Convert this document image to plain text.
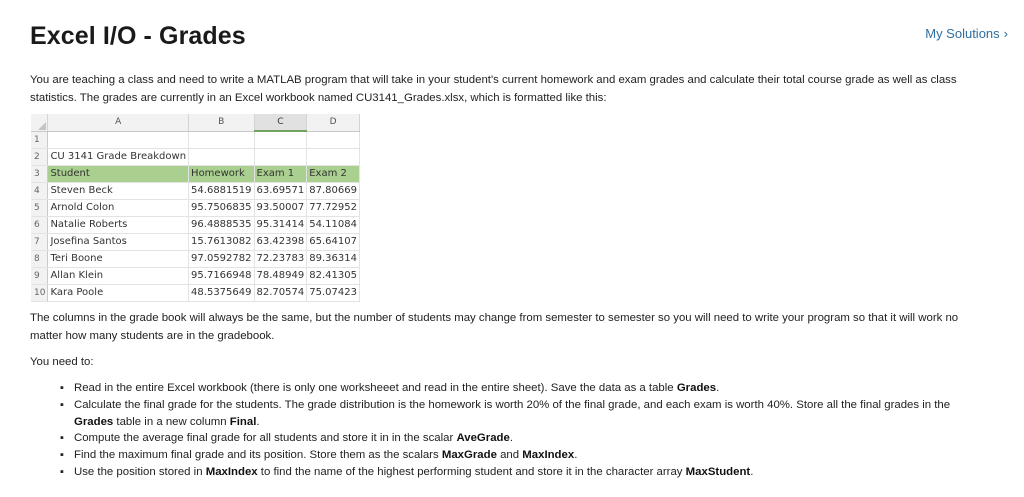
Excel I/O - Grades	My Solutions ›

You are teaching a class and need to write a MATLAB program that will take in your student's current homework and exam grades and calculate their total course grade as well as class statistics. The grades are currently in an Excel workbook named CU3141_Grades.xlsx, which is formatted like this:

	A	B	C	D
1				
2	CU 3141 Grade Breakdown			
3	Student	Homework	Exam 1	Exam 2
4	Steven Beck	54.6881519	63.69571	87.80669
5	Arnold Colon	95.7506835	93.50007	77.72952
6	Natalie Roberts	96.4888535	95.31414	54.11084
7	Josefina Santos	15.7613082	63.42398	65.64107
8	Teri Boone	97.0592782	72.23783	89.36314
9	Allan Klein	95.7166948	78.48949	82.41305
10	Kara Poole	48.5375649	82.70574	75.07423

The columns in the grade book will always be the same, but the number of students may change from semester to semester so you will need to write your program so that it will work no matter how many students are in the gradebook.

You need to:

▪ Read in the entire Excel workbook (there is only one worksheeet and read in the entire sheet). Save the data as a table Grades.
▪ Calculate the final grade for the students. The grade distribution is the homework is worth 20% of the final grade, and each exam is worth 40%. Store all the final grades in the Grades table in a new column Final.
▪ Compute the average final grade for all students and store it in in the scalar AveGrade.
▪ Find the maximum final grade and its position. Store them as the scalars MaxGrade and MaxIndex.
▪ Use the position stored in MaxIndex to find the name of the highest performing student and store it in the character array MaxStudent.
